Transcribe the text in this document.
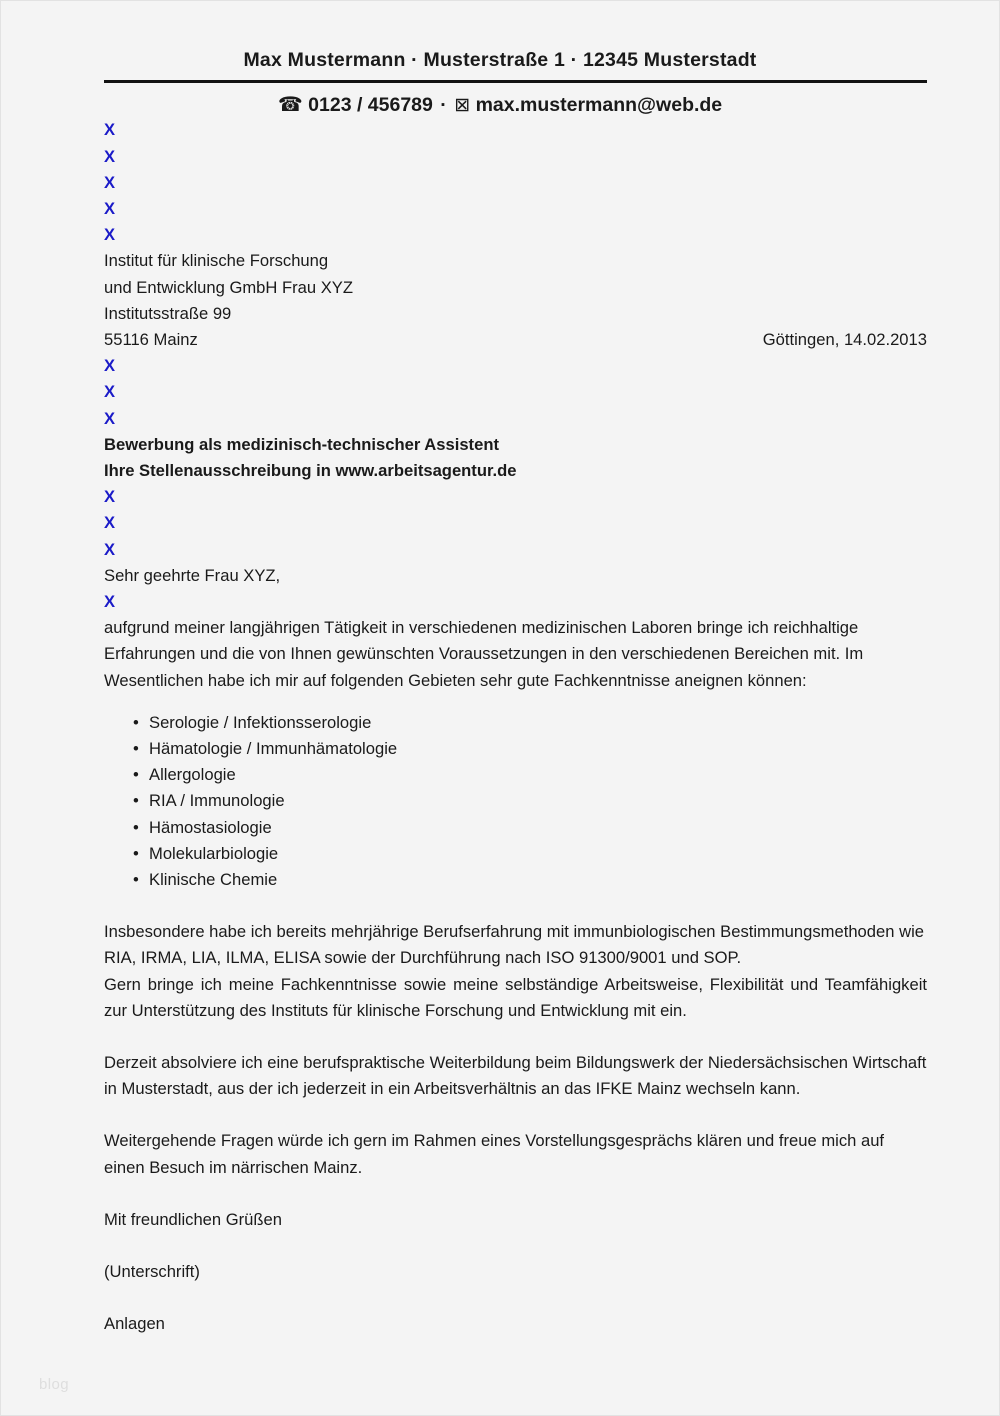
Max Mustermann · Musterstraße 1 · 12345 Musterstadt
☎ 0123 / 456789 · ⊠ max.mustermann@web.de
X
X
X
X
X
Institut für klinische Forschung
und Entwicklung GmbH Frau XYZ
Institutsstraße 99
55116 Mainz	Göttingen, 14.02.2013
X
X
X
Bewerbung als medizinisch-technischer Assistent
Ihre Stellenausschreibung in www.arbeitsagentur.de
X
X
X
Sehr geehrte Frau XYZ,
X

aufgrund meiner langjährigen Tätigkeit in verschiedenen medizinischen Laboren bringe ich reichhaltige Erfahrungen und die von Ihnen gewünschten Voraussetzungen in den verschiedenen Bereichen mit. Im Wesentlichen habe ich mir auf folgenden Gebieten sehr gute Fachkenntnisse aneignen können:

• Serologie / Infektionsserologie
• Hämatologie / Immunhämatologie
• Allergologie
• RIA / Immunologie
• Hämostasiologie
• Molekularbiologie
• Klinische Chemie

Insbesondere habe ich bereits mehrjährige Berufserfahrung mit immunbiologischen Bestimmungsmethoden wie RIA, IRMA, LIA, ILMA, ELISA sowie der Durchführung nach ISO 91300/9001 und SOP.

Gern bringe ich meine Fachkenntnisse sowie meine selbständige Arbeitsweise, Flexibilität und Teamfähigkeit zur Unterstützung des Instituts für klinische Forschung und Entwicklung mit ein.

Derzeit absolviere ich eine berufspraktische Weiterbildung beim Bildungswerk der Niedersächsischen Wirtschaft in Musterstadt, aus der ich jederzeit in ein Arbeitsverhältnis an das IFKE Mainz wechseln kann.

Weitergehende Fragen würde ich gern im Rahmen eines Vorstellungsgesprächs klären und freue mich auf einen Besuch im närrischen Mainz.

Mit freundlichen Grüßen
(Unterschrift)
Anlagen
blog
